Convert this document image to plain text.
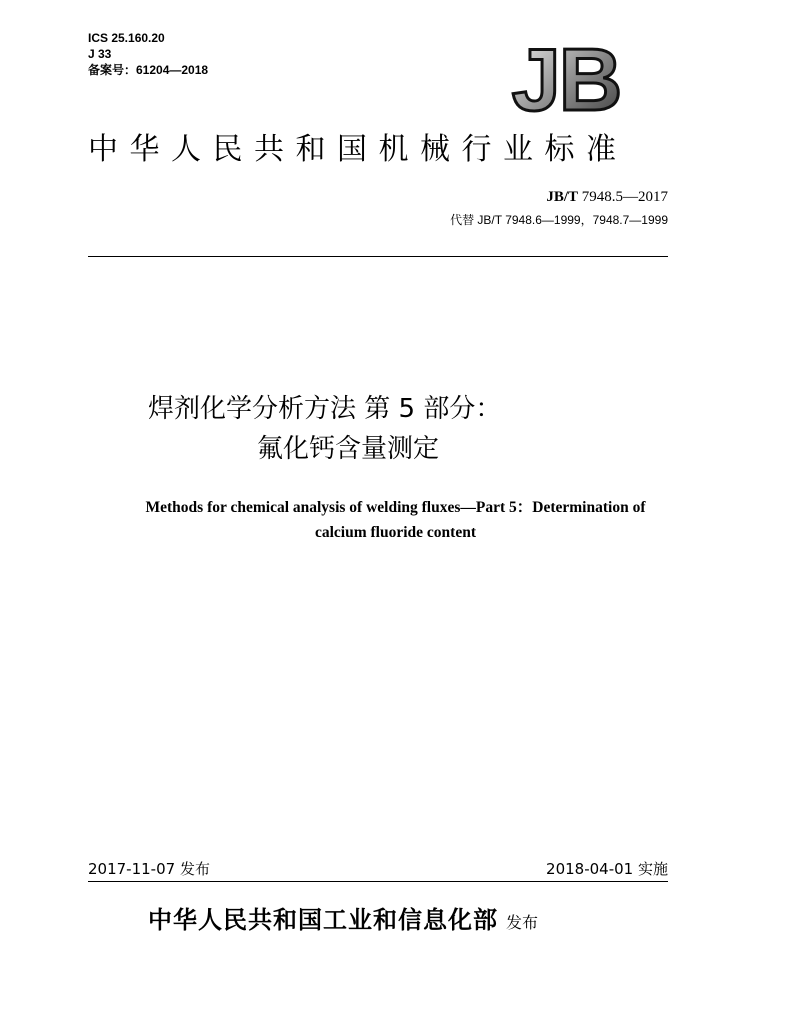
ICS 25.160.20
J 33
备案号：61204—2018	JB
中华人民共和国机械行业标准
JB/T 7948.5—2017
代替 JB/T 7948.6—1999，7948.7—1999
焊剂化学分析方法 第 5 部分：
氟化钙含量测定
Methods for chemical analysis of welding fluxes—Part 5：Determination of
calcium fluoride content
2017-11-07 发布	2018-04-01 实施
中华人民共和国工业和信息化部 发布
